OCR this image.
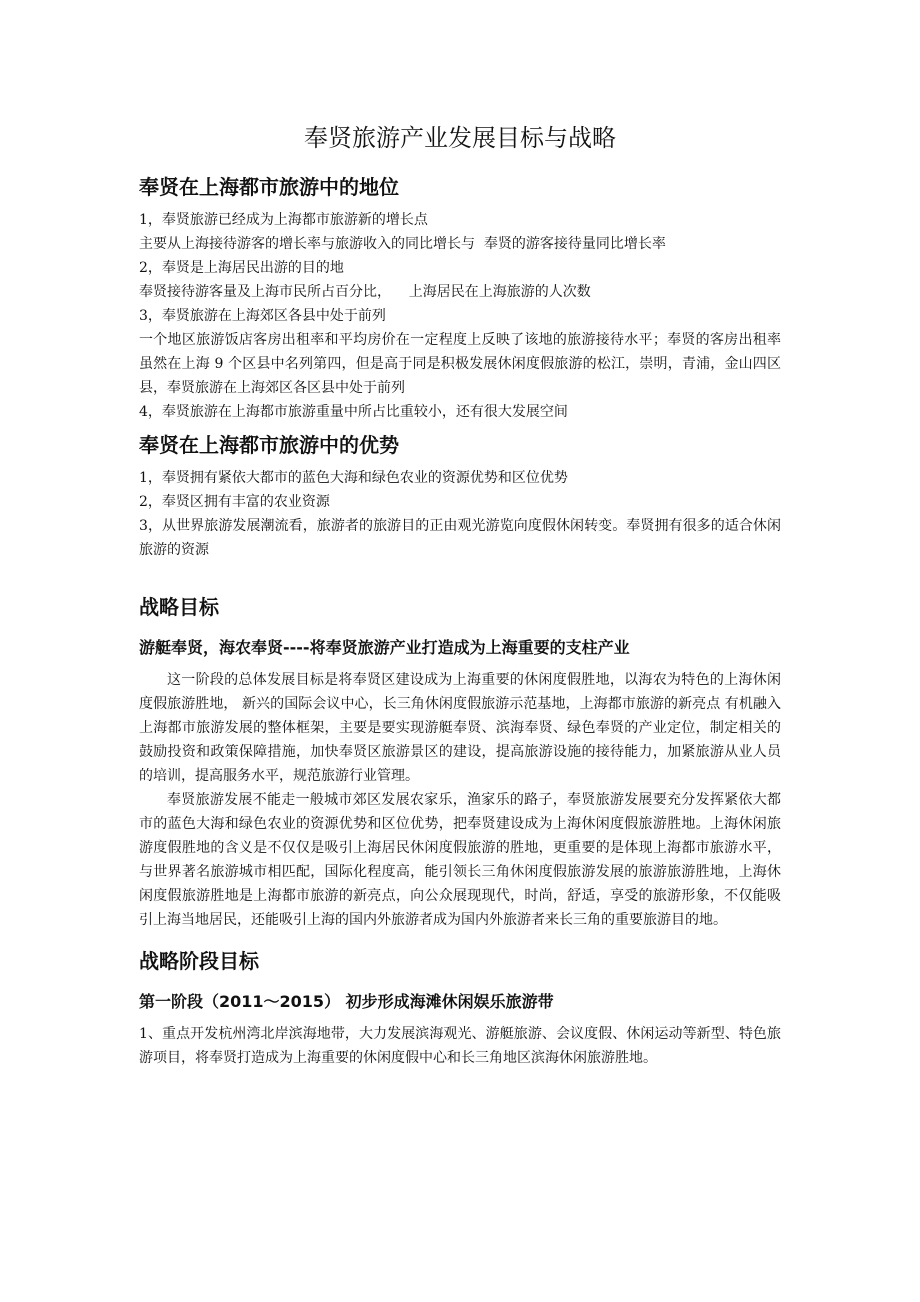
奉贤旅游产业发展目标与战略
奉贤在上海都市旅游中的地位

1，奉贤旅游已经成为上海都市旅游新的增长点

主要从上海接待游客的增长率与旅游收入的同比增长与  奉贤的游客接待量同比增长率

2，奉贤是上海居民出游的目的地

奉贤接待游客量及上海市民所占百分比，    上海居民在上海旅游的人次数

3，奉贤旅游在上海郊区各县中处于前列

一个地区旅游饭店客房出租率和平均房价在一定程度上反映了该地的旅游接待水平；奉贤的客房出租率虽然在上海 9 个区县中名列第四，但是高于同是积极发展休闲度假旅游的松江，崇明，青浦，金山四区县，奉贤旅游在上海郊区各区县中处于前列

4，奉贤旅游在上海都市旅游重量中所占比重较小，还有很大发展空间

奉贤在上海都市旅游中的优势

1，奉贤拥有紧依大都市的蓝色大海和绿色农业的资源优势和区位优势

2，奉贤区拥有丰富的农业资源

3，从世界旅游发展潮流看，旅游者的旅游目的正由观光游览向度假休闲转变。奉贤拥有很多的适合休闲旅游的资源

战略目标
游艇奉贤，海农奉贤----将奉贤旅游产业打造成为上海重要的支柱产业

这一阶段的总体发展目标是将奉贤区建设成为上海重要的休闲度假胜地，以海农为特色的上海休闲度假旅游胜地， 新兴的国际会议中心，长三角休闲度假旅游示范基地，上海都市旅游的新亮点 有机融入上海都市旅游发展的整体框架，主要是要实现游艇奉贤、滨海奉贤、绿色奉贤的产业定位，制定相关的鼓励投资和政策保障措施，加快奉贤区旅游景区的建设，提高旅游设施的接待能力，加紧旅游从业人员的培训，提高服务水平，规范旅游行业管理。

奉贤旅游发展不能走一般城市郊区发展农家乐，渔家乐的路子，奉贤旅游发展要充分发挥紧依大都市的蓝色大海和绿色农业的资源优势和区位优势，把奉贤建设成为上海休闲度假旅游胜地。上海休闲旅游度假胜地的含义是不仅仅是吸引上海居民休闲度假旅游的胜地，更重要的是体现上海都市旅游水平，与世界著名旅游城市相匹配，国际化程度高，能引领长三角休闲度假旅游发展的旅游旅游胜地，上海休闲度假旅游胜地是上海都市旅游的新亮点，向公众展现现代，时尚，舒适，享受的旅游形象，不仅能吸引上海当地居民，还能吸引上海的国内外旅游者成为国内外旅游者来长三角的重要旅游目的地。

战略阶段目标
第一阶段（2011～2015） 初步形成海滩休闲娱乐旅游带

1、重点开发杭州湾北岸滨海地带，大力发展滨海观光、游艇旅游、会议度假、休闲运动等新型、特色旅游项目，将奉贤打造成为上海重要的休闲度假中心和长三角地区滨海休闲旅游胜地。
